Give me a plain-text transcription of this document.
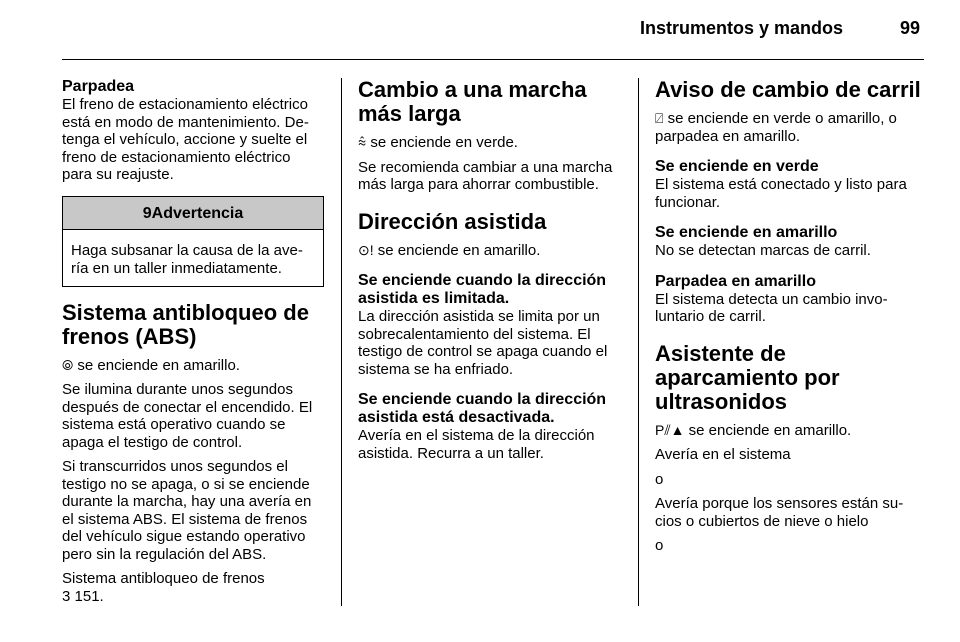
Instrumentos y mandos	99
Parpadea

El freno de estacionamiento eléctrico está en modo de mantenimiento. Detenga el vehículo, accione y suelte el freno de estacionamiento eléctrico para su reajuste.

9Advertencia
Haga subsanar la causa de la avería en un taller inmediatamente.
Sistema antibloqueo de frenos (ABS)

⦾ se enciende en amarillo.

Se ilumina durante unos segundos después de conectar el encendido. El sistema está operativo cuando se apaga el testigo de control.

Si transcurridos unos segundos el testigo no se apaga, o si se enciende durante la marcha, hay una avería en el sistema ABS. El sistema de frenos del vehículo sigue estando operativo pero sin la regulación del ABS.

Sistema antibloqueo de frenos
3 151.

Cambio a una marcha más larga

⩯ se enciende en verde.

Se recomienda cambiar a una marcha más larga para ahorrar combustible.

Dirección asistida

⊙! se enciende en amarillo.

Se enciende cuando la dirección asistida es limitada.

La dirección asistida se limita por un sobrecalentamiento del sistema. El testigo de control se apaga cuando el sistema se ha enfriado.

Se enciende cuando la dirección asistida está desactivada.

Avería en el sistema de la dirección asistida. Recurra a un taller.

Aviso de cambio de carril

⍁ se enciende en verde o amarillo, o parpadea en amarillo.

Se enciende en verde

El sistema está conectado y listo para funcionar.

Se enciende en amarillo

No se detectan marcas de carril.

Parpadea en amarillo

El sistema detecta un cambio involuntario de carril.

Asistente de aparcamiento por ultrasonidos

P⫽▲ se enciende en amarillo.

Avería en el sistema

o

Avería porque los sensores están sucios o cubiertos de nieve o hielo

o
